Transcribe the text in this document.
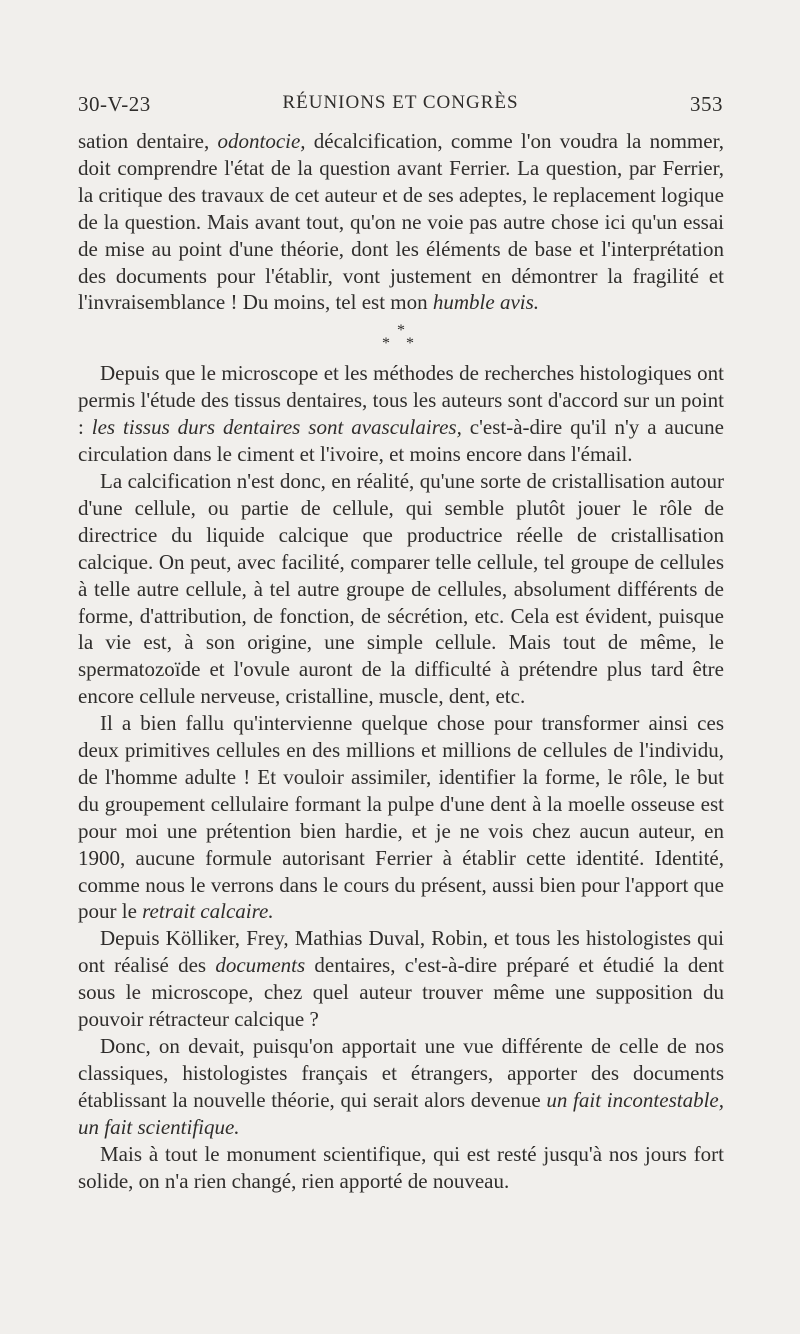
30-V-23	RÉUNIONS ET CONGRÈS	353

sation dentaire, odontocie, décalcification, comme l'on voudra la nommer, doit comprendre l'état de la question avant Ferrier. La question, par Ferrier, la critique des travaux de cet auteur et de ses adeptes, le replacement logique de la question. Mais avant tout, qu'on ne voie pas autre chose ici qu'un essai de mise au point d'une théorie, dont les éléments de base et l'interprétation des documents pour l'établir, vont justement en démontrer la fragilité et l'invraisemblance ! Du moins, tel est mon humble avis.

*
* *

Depuis que le microscope et les méthodes de recherches histologiques ont permis l'étude des tissus dentaires, tous les auteurs sont d'accord sur un point : les tissus durs dentaires sont avasculaires, c'est-à-dire qu'il n'y a aucune circulation dans le ciment et l'ivoire, et moins encore dans l'émail.

La calcification n'est donc, en réalité, qu'une sorte de cristallisation autour d'une cellule, ou partie de cellule, qui semble plutôt jouer le rôle de directrice du liquide calcique que productrice réelle de cristallisation calcique. On peut, avec facilité, comparer telle cellule, tel groupe de cellules à telle autre cellule, à tel autre groupe de cellules, absolument différents de forme, d'attribution, de fonction, de sécrétion, etc. Cela est évident, puisque la vie est, à son origine, une simple cellule. Mais tout de même, le spermatozoïde et l'ovule auront de la difficulté à prétendre plus tard être encore cellule nerveuse, cristalline, muscle, dent, etc.

Il a bien fallu qu'intervienne quelque chose pour transformer ainsi ces deux primitives cellules en des millions et millions de cellules de l'individu, de l'homme adulte ! Et vouloir assimiler, identifier la forme, le rôle, le but du groupement cellulaire formant la pulpe d'une dent à la moelle osseuse est pour moi une prétention bien hardie, et je ne vois chez aucun auteur, en 1900, aucune formule autorisant Ferrier à établir cette identité. Identité, comme nous le verrons dans le cours du présent, aussi bien pour l'apport que pour le retrait calcaire.

Depuis Kölliker, Frey, Mathias Duval, Robin, et tous les histologistes qui ont réalisé des documents dentaires, c'est-à-dire préparé et étudié la dent sous le microscope, chez quel auteur trouver même une supposition du pouvoir rétracteur calcique ?

Donc, on devait, puisqu'on apportait une vue différente de celle de nos classiques, histologistes français et étrangers, apporter des documents établissant la nouvelle théorie, qui serait alors devenue un fait incontestable, un fait scientifique.

Mais à tout le monument scientifique, qui est resté jusqu'à nos jours fort solide, on n'a rien changé, rien apporté de nouveau.
